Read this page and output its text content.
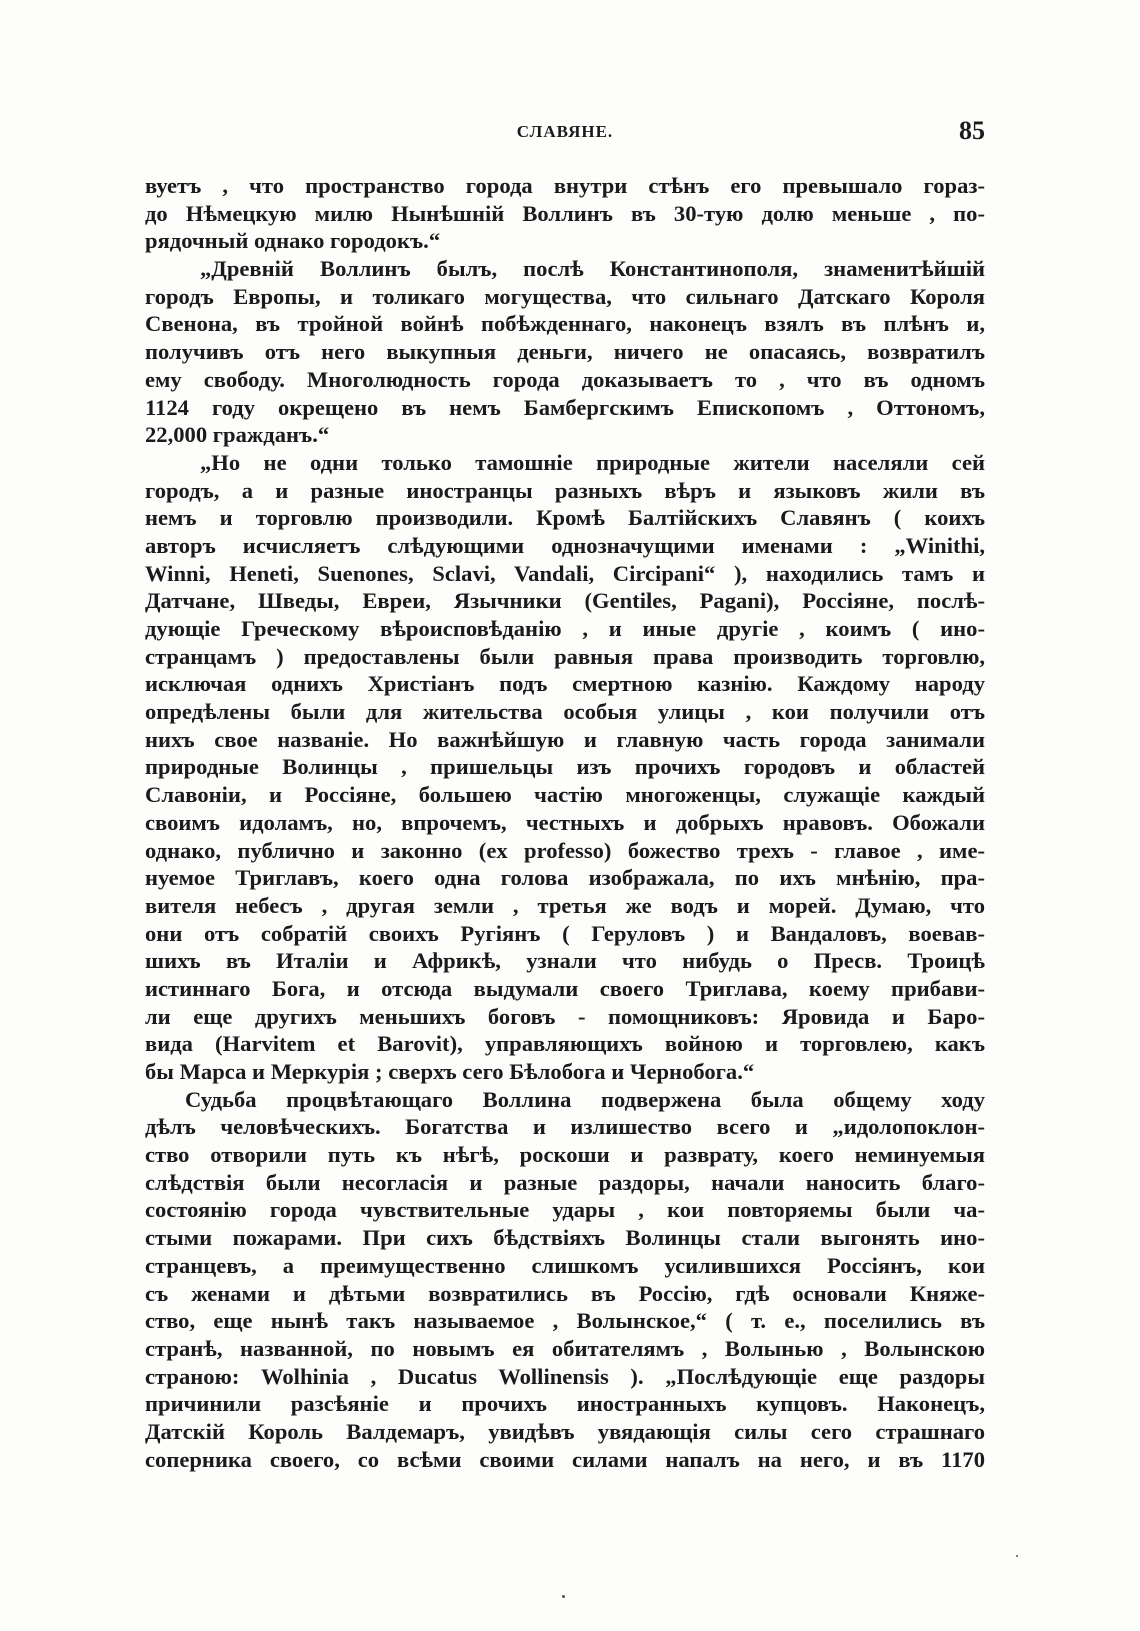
СЛАВЯНЕ.	85
вуетъ , что пространство города внутри стѣнъ его превышало гораз-
до Нѣмецкую милю Нынѣшній Воллинъ въ 30-тую долю меньше , по-
рядочный однако городокъ.“
„Древній Воллинъ былъ, послѣ Константинополя, знаменитѣйшій
городъ Европы, и толикаго могущества, что сильнаго Датскаго Короля
Свенона, въ тройной войнѣ побѣжденнаго, наконецъ взялъ въ плѣнъ и,
получивъ отъ него выкупныя деньги, ничего не опасаясь, возвратилъ
ему свободу. Многолюдность города доказываетъ то , что въ одномъ
1124 году окрещено въ немъ Бамбергскимъ Епископомъ , Оттономъ,
22,000 гражданъ.“
„Но не одни только тамошніе природные жители населяли сей
городъ, а и разные иностранцы разныхъ вѣръ и языковъ жили въ
немъ и торговлю производили. Кромѣ Балтійскихъ Славянъ ( коихъ
авторъ исчисляетъ слѣдующими однозначущими именами : „Winithi,
Winni, Heneti, Suenones, Sclavi, Vandali, Circipani“ ), находились тамъ и
Датчане, Шведы, Евреи, Язычники (Gentiles, Pagani), Россіяне, послѣ-
дующіе Греческому вѣроисповѣданію , и иные другіе , коимъ ( ино-
странцамъ ) предоставлены были равныя права производить торговлю,
исключая однихъ Христіанъ подъ смертною казнію. Каждому народу
опредѣлены были для жительства особыя улицы , кои получили отъ
нихъ свое названіе. Но важнѣйшую и главную часть города занимали
природные Волинцы , пришельцы изъ прочихъ городовъ и областей
Славоніи, и Россіяне, большею частію многоженцы, служащіе каждый
своимъ идоламъ, но, впрочемъ, честныхъ и добрыхъ нравовъ. Обожали
однако, публично и законно (ex professo) божество трехъ - главое , име-
нуемое Триглавъ, коего одна голова изображала, по ихъ мнѣнію, пра-
вителя небесъ , другая земли , третья же водъ и морей. Думаю, что
они отъ собратій своихъ Ругіянъ ( Геруловъ ) и Вандаловъ, воевав-
шихъ въ Италіи и Африкѣ, узнали что нибудь о Пресв. Троицѣ
истиннаго Бога, и отсюда выдумали своего Триглава, коему прибави-
ли еще другихъ меньшихъ боговъ - помощниковъ: Яровида и Баро-
вида (Harvitem et Barovit), управляющихъ войною и торговлею, какъ
бы Марса и Меркурія ; сверхъ сего Бѣлобога и Чернобога.“
Судьба процвѣтающаго Воллина подвержена была общему ходу
дѣлъ человѣческихъ. Богатства и излишество всего и „идолопоклон-
ство отворили путь къ нѣгѣ, роскоши и разврату, коего неминуемыя
слѣдствія были несогласія и разные раздоры, начали наносить благо-
состоянію города чувствительные удары , кои повторяемы были ча-
стыми пожарами. При сихъ бѣдствіяхъ Волинцы стали выгонять ино-
странцевъ, а преимущественно слишкомъ усилившихся Россіянъ, кои
съ женами и дѣтьми возвратились въ Россію, гдѣ основали Княже-
ство, еще нынѣ такъ называемое , Волынское,“ ( т. е., поселились въ
странѣ, названной, по новымъ ея обитателямъ , Волынью , Волынскою
страною: Wolhinia , Ducatus Wollinensis ). „Послѣдующіе еще раздоры
причинили разсѣяніе и прочихъ иностранныхъ купцовъ. Наконецъ,
Датскій Король Валдемаръ, увидѣвъ увядающія силы сего страшнаго
соперника своего, со всѣми своими силами напалъ на него, и въ 1170
